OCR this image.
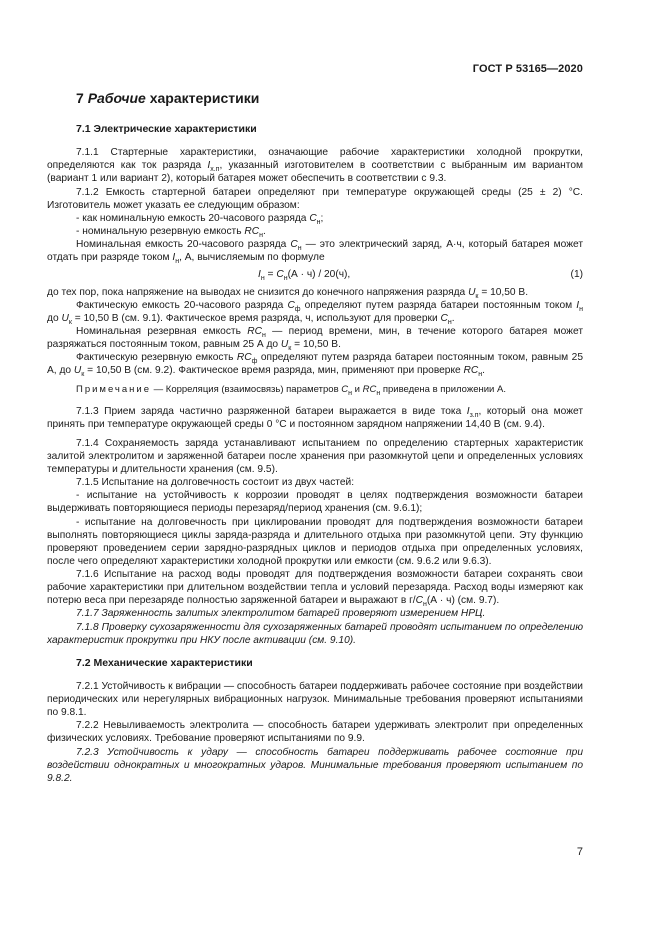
ГОСТ Р 53165—2020
7 Рабочие характеристики
7.1 Электрические характеристики

7.1.1 Стартерные характеристики, означающие рабочие характеристики холодной прокрутки, определяются как ток разряда $I_{х.п}$, указанный изготовителем в соответствии с выбранным им вариантом (вариант 1 или вариант 2), который батарея может обеспечить в соответствии с 9.3.

7.1.2 Емкость стартерной батареи определяют при температуре окружающей среды (25 ± 2) °С. Изготовитель может указать ее следующим образом:

- как номинальную емкость 20-часового разряда $C_н$;

- номинальную резервную емкость $RC_н$.

Номинальная емкость 20-часового разряда $C_н$ — это электрический заряд, А·ч, который батарея может отдать при разряде током $I_н$, А, вычисляемым по формуле

$I_н = C_н(А \cdot ч) / 20(ч)$,	(1)

до тех пор, пока напряжение на выводах не снизится до конечного напряжения разряда $U_к = 10,50$ В.

Фактическую емкость 20-часового разряда $C_ф$ определяют путем разряда батареи постоянным током $I_н$ до $U_к = 10,50$ В (см. 9.1). Фактическое время разряда, ч, используют для проверки $C_н$.

Номинальная резервная емкость $RC_н$ — период времени, мин, в течение которого батарея может разряжаться постоянным током, равным 25 А до $U_к = 10,50$ В.

Фактическую резервную емкость $RC_ф$ определяют путем разряда батареи постоянным током, равным 25 А, до $U_к = 10,50$ В (см. 9.2). Фактическое время разряда, мин, применяют при проверке $RC_н$.

Примечание — Корреляция (взаимосвязь) параметров $C_н$ и $RC_н$ приведена в приложении А.

7.1.3 Прием заряда частично разряженной батареи выражается в виде тока $I_{з.п}$, который она может принять при температуре окружающей среды 0 °С и постоянном зарядном напряжении 14,40 В (см. 9.4).

7.1.4 Сохраняемость заряда устанавливают испытанием по определению стартерных характеристик залитой электролитом и заряженной батареи после хранения при разомкнутой цепи и определенных условиях температуры и длительности хранения (см. 9.5).

7.1.5 Испытание на долговечность состоит из двух частей:

- испытание на устойчивость к коррозии проводят в целях подтверждения возможности батареи выдерживать повторяющиеся периоды перезаряд/период хранения (см. 9.6.1);

- испытание на долговечность при циклировании проводят для подтверждения возможности батареи выполнять повторяющиеся циклы заряда-разряда и длительного отдыха при разомкнутой цепи. Эту функцию проверяют проведением серии зарядно-разрядных циклов и периодов отдыха при определенных условиях, после чего определяют характеристики холодной прокрутки или емкости (см. 9.6.2 или 9.6.3).

7.1.6 Испытание на расход воды проводят для подтверждения возможности батареи сохранять свои рабочие характеристики при длительном воздействии тепла и условий перезаряда. Расход воды измеряют как потерю веса при перезаряде полностью заряженной батареи и выражают в $г/C_н(А \cdot ч)$ (см. 9.7).

7.1.7 Заряженность залитых электролитом батарей проверяют измерением НРЦ.

7.1.8 Проверку сухозаряженности для сухозаряженных батарей проводят испытанием по определению характеристик прокрутки при НКУ после активации (см. 9.10).

7.2 Механические характеристики

7.2.1 Устойчивость к вибрации — способность батареи поддерживать рабочее состояние при воздействии периодических или нерегулярных вибрационных нагрузок. Минимальные требования проверяют испытаниями по 9.8.1.

7.2.2 Невыливаемость электролита — способность батареи удерживать электролит при определенных физических условиях. Требование проверяют испытаниями по 9.9.

7.2.3 Устойчивость к удару — способность батареи поддерживать рабочее состояние при воздействии однократных и многократных ударов. Минимальные требования проверяют испытанием по 9.8.2.

7
